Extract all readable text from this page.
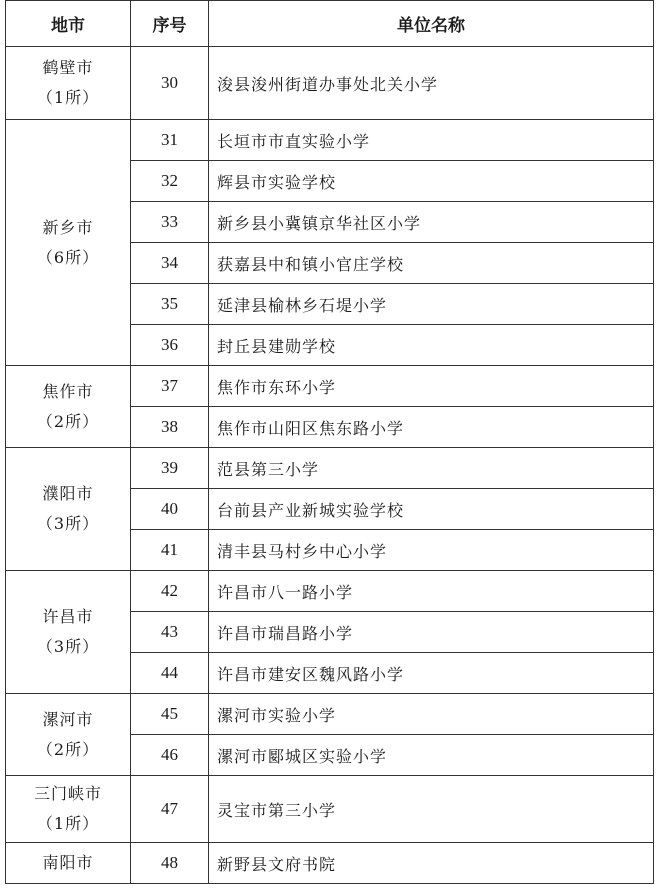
地市	序号	单位名称

鹤壁市
（1所）	30	浚县浚州街道办事处北关小学

新乡市
（6所）	31	长垣市市直实验小学
	32	辉县市实验学校
	33	新乡县小冀镇京华社区小学
	34	获嘉县中和镇小官庄学校
	35	延津县榆林乡石堤小学
	36	封丘县建勋学校

焦作市
（2所）	37	焦作市东环小学
	38	焦作市山阳区焦东路小学

濮阳市
（3所）	39	范县第三小学
	40	台前县产业新城实验学校
	41	清丰县马村乡中心小学

许昌市
（3所）	42	许昌市八一路小学
	43	许昌市瑞昌路小学
	44	许昌市建安区魏风路小学

漯河市
（2所）	45	漯河市实验小学
	46	漯河市郾城区实验小学

三门峡市
（1所）	47	灵宝市第三小学

南阳市	48	新野县文府书院
